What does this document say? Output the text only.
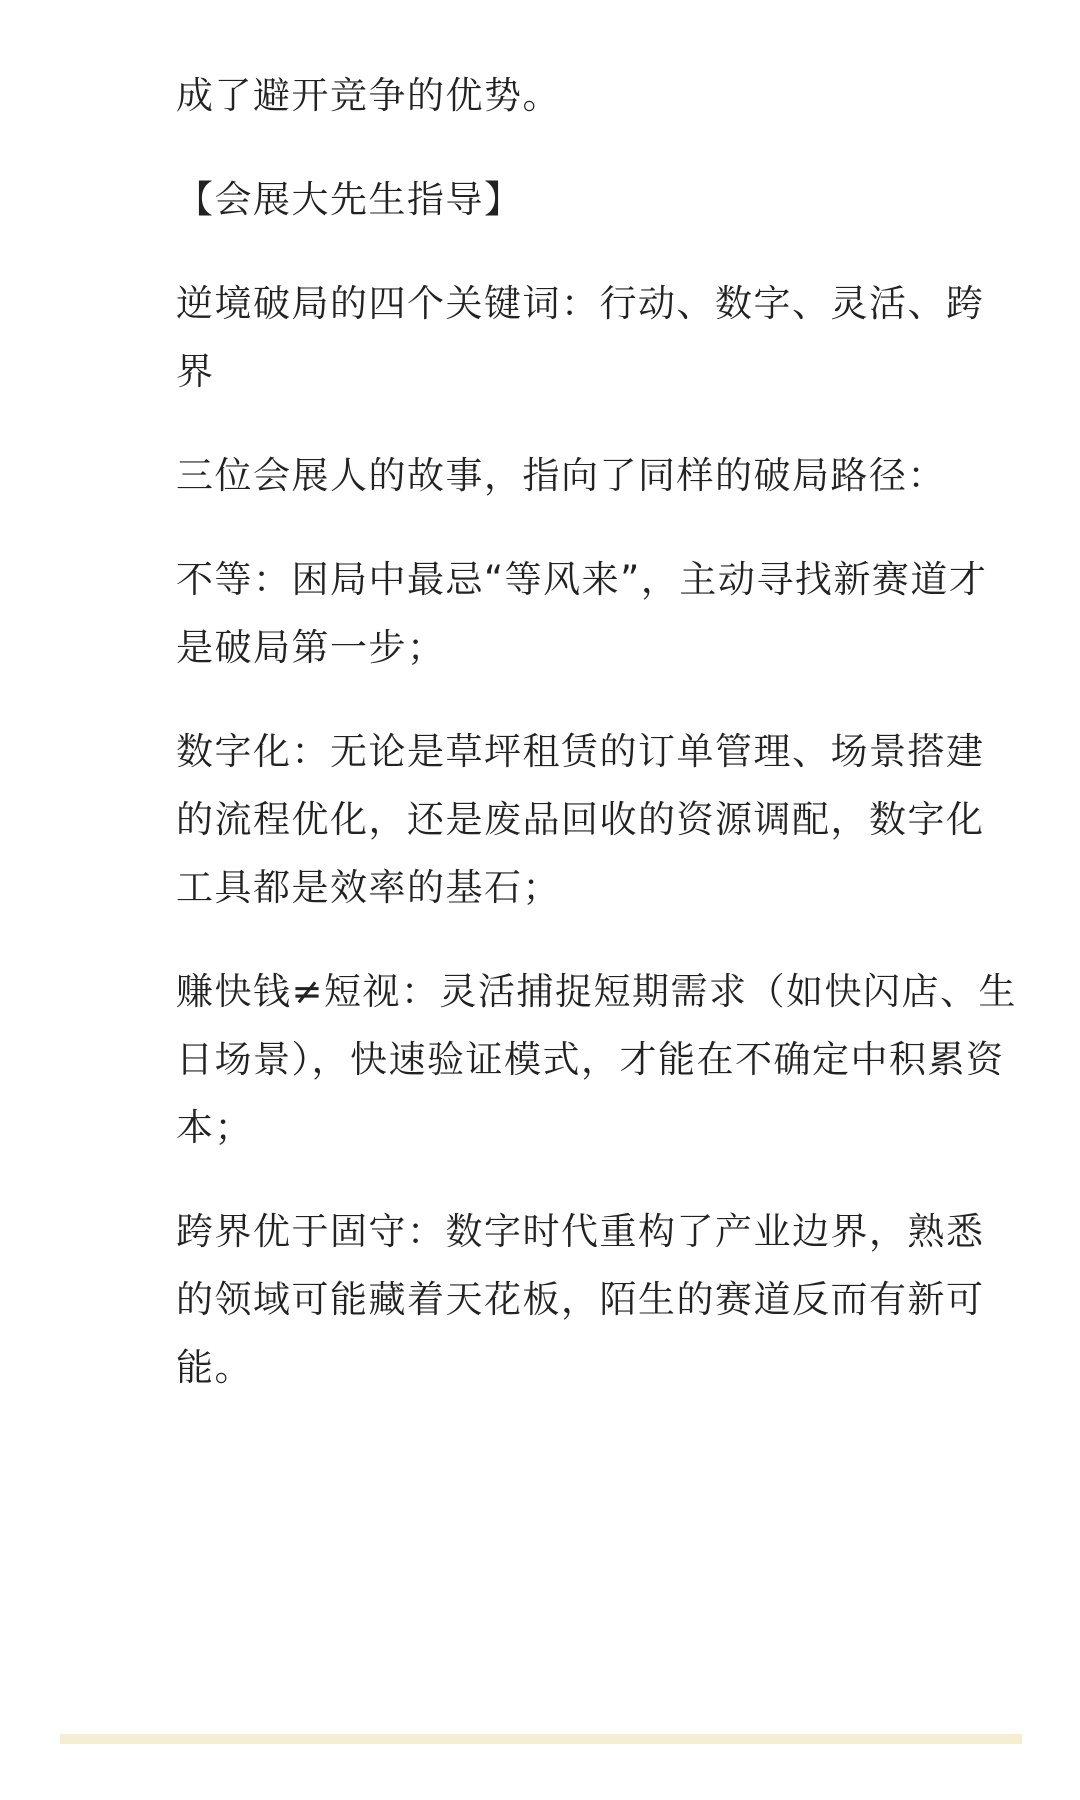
成了避开竞争的优势。

【会展大先生指导】

逆境破局的四个关键词：行动、数字、灵活、跨界

三位会展人的故事，指向了同样的破局路径：

不等：困局中最忌“等风来”，主动寻找新赛道才是破局第一步；

数字化：无论是草坪租赁的订单管理、场景搭建的流程优化，还是废品回收的资源调配，数字化工具都是效率的基石；

赚快钱≠短视：灵活捕捉短期需求（如快闪店、生日场景），快速验证模式，才能在不确定中积累资本；

跨界优于固守：数字时代重构了产业边界，熟悉的领域可能藏着天花板，陌生的赛道反而有新可能。
